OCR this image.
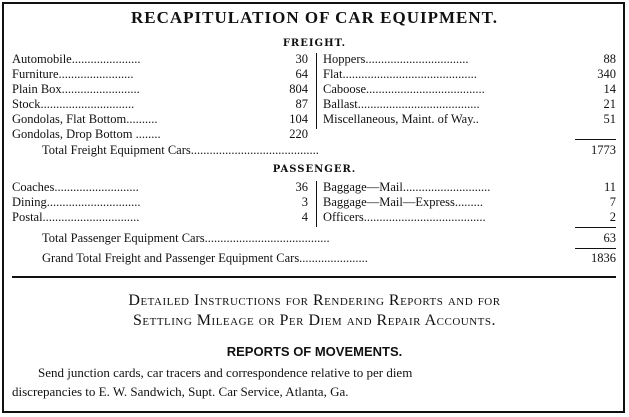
RECAPITULATION OF CAR EQUIPMENT.
FREIGHT.
Automobile......................	30
Furniture........................	64
Plain Box.........................	804
Stock..............................	87
Gondolas, Flat Bottom..........	104
Gondolas, Drop Bottom ........	220
Hoppers.................................	88
Flat...........................................	340
Caboose......................................	14
Ballast.......................................	21
Miscellaneous, Maint. of Way..	51
Total Freight Equipment Cars.........................................	1773
PASSENGER.
Coaches...........................	36
Dining..............................	3
Postal...............................	4
Baggage—Mail............................	11
Baggage—Mail—Express.........	7
Officers.......................................	2
Total Passenger Equipment Cars........................................	63
Grand Total Freight and Passenger Equipment Cars......................	1836
Detailed Instructions for Rendering Reports and for
Settling Mileage or Per Diem and Repair Accounts.
REPORTS OF MOVEMENTS.
Send junction cards, car tracers and correspondence relative to per diem
discrepancies to E. W. Sandwich, Supt. Car Service, Atlanta, Ga.
